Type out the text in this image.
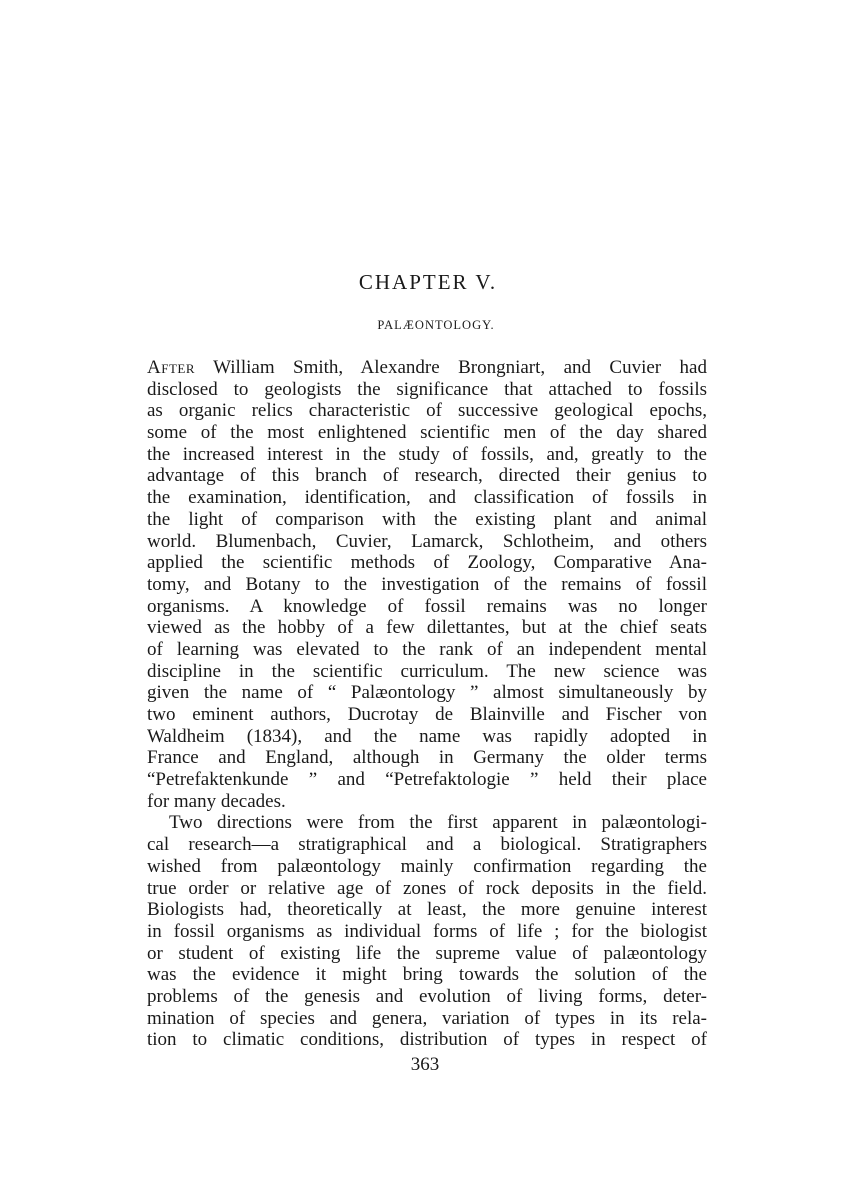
CHAPTER V.
PALÆONTOLOGY.
After William Smith, Alexandre Brongniart, and Cuvier had
disclosed to geologists the significance that attached to fossils
as organic relics characteristic of successive geological epochs,
some of the most enlightened scientific men of the day shared
the increased interest in the study of fossils, and, greatly to the
advantage of this branch of research, directed their genius to
the examination, identification, and classification of fossils in
the light of comparison with the existing plant and animal
world. Blumenbach, Cuvier, Lamarck, Schlotheim, and others
applied the scientific methods of Zoology, Comparative Ana-
tomy, and Botany to the investigation of the remains of fossil
organisms. A knowledge of fossil remains was no longer
viewed as the hobby of a few dilettantes, but at the chief seats
of learning was elevated to the rank of an independent mental
discipline in the scientific curriculum. The new science was
given the name of “ Palæontology ” almost simultaneously by
two eminent authors, Ducrotay de Blainville and Fischer von
Waldheim (1834), and the name was rapidly adopted in
France and England, although in Germany the older terms
“Petrefaktenkunde ” and “Petrefaktologie ” held their place
for many decades.
Two directions were from the first apparent in palæontologi-
cal research—a stratigraphical and a biological. Stratigraphers
wished from palæontology mainly confirmation regarding the
true order or relative age of zones of rock deposits in the field.
Biologists had, theoretically at least, the more genuine interest
in fossil organisms as individual forms of life ; for the biologist
or student of existing life the supreme value of palæontology
was the evidence it might bring towards the solution of the
problems of the genesis and evolution of living forms, deter-
mination of species and genera, variation of types in its rela-
tion to climatic conditions, distribution of types in respect of
363
